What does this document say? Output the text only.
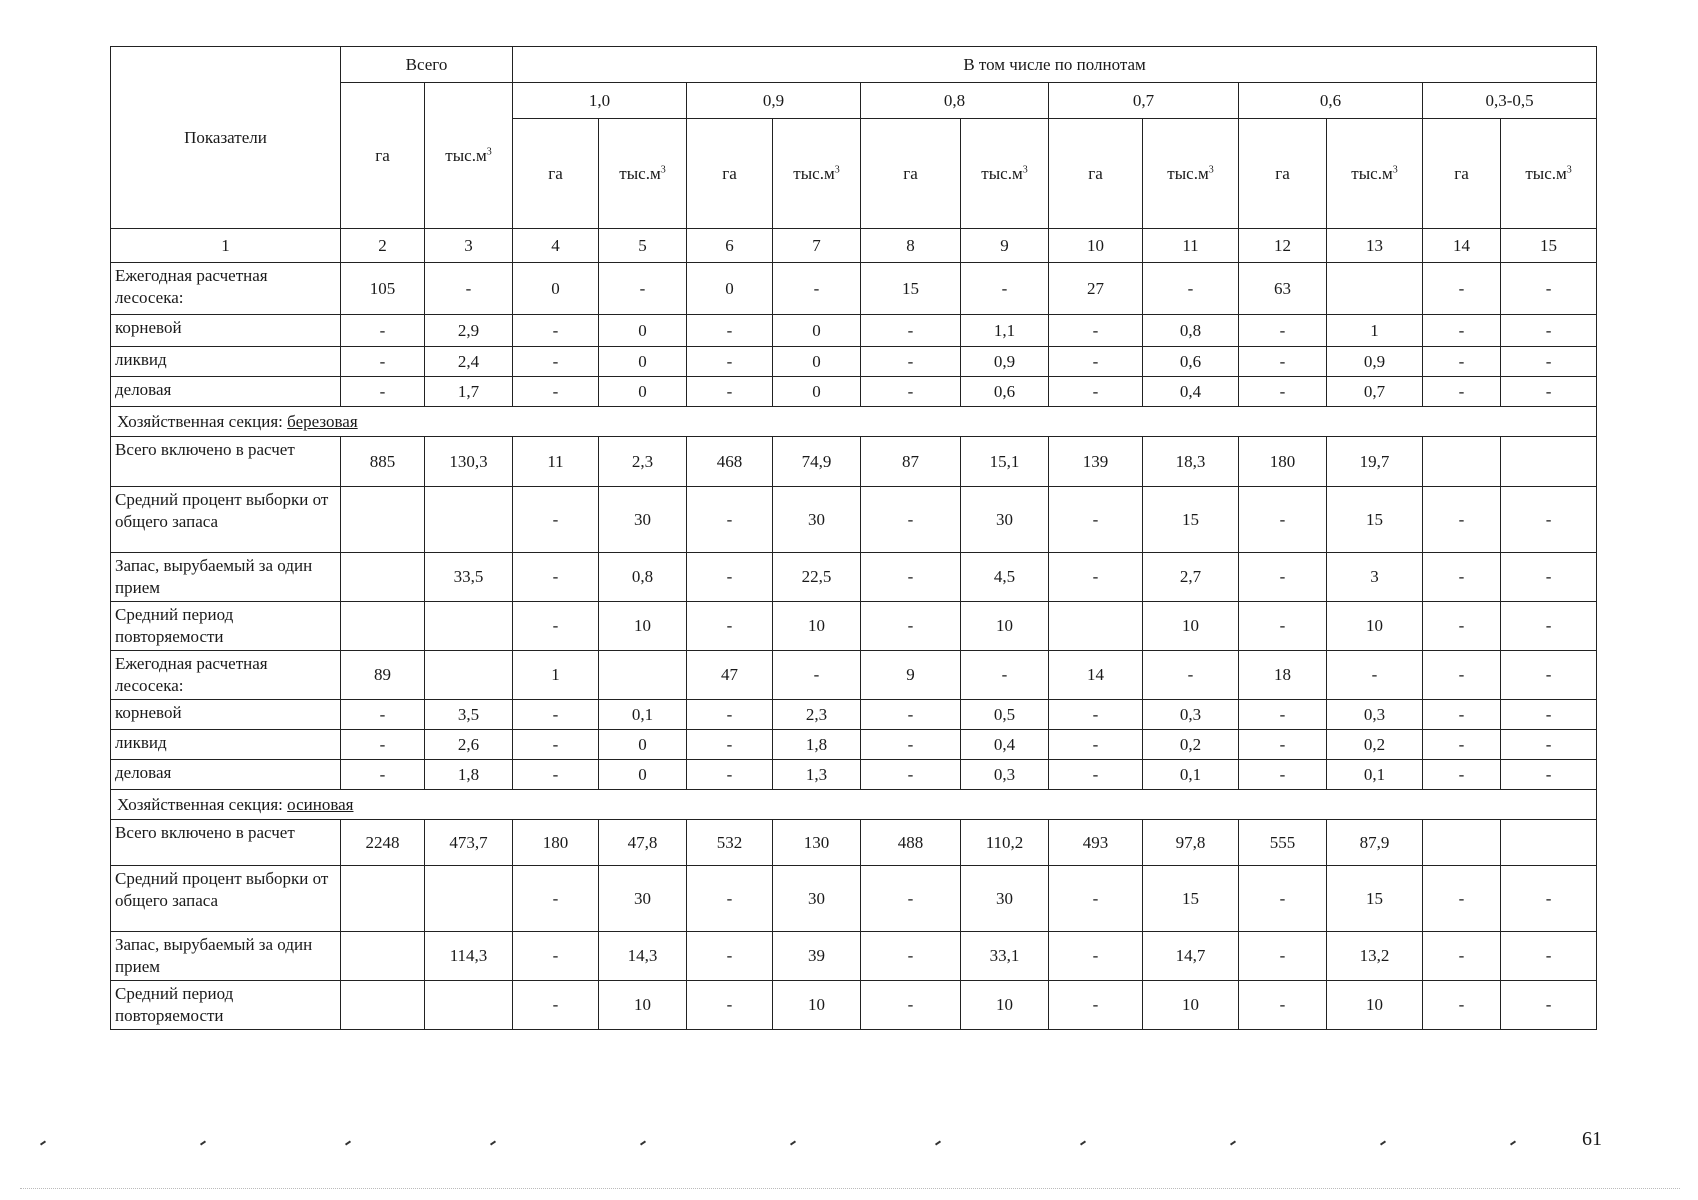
Показатели	Всего		В том числе по полнотам											
	га	$тыс.м^3$	1,0		0,9		0,8		0,7		0,6		0,3-0,5	
			га	$тыс.м^3$	га	$тыс.м^3$	га	$тыс.м^3$	га	$тыс.м^3$	га	$тыс.м^3$	га	$тыс.м^3$
1	2	3	4	5	6	7	8	9	10	11	12	13	14	15
Ежегодная расчетная лесосека:	105	-	0	-	0	-	15	-	27	-	63		-	-
корневой	-	2,9	-	0	-	0	-	1,1	-	0,8	-	1	-	-
ликвид	-	2,4	-	0	-	0	-	0,9	-	0,6	-	0,9	-	-
деловая	-	1,7	-	0	-	0	-	0,6	-	0,4	-	0,7	-	-
Хозяйственная секция: березовая														
Всего включено в расчет	885	130,3	11	2,3	468	74,9	87	15,1	139	18,3	180	19,7		
Средний процент выборки от общего запаса			-	30	-	30	-	30	-	15	-	15	-	-
Запас, вырубаемый за один прием		33,5	-	0,8	-	22,5	-	4,5	-	2,7	-	3	-	-
Средний период повторяемости			-	10	-	10	-	10		10	-	10	-	-
Ежегодная расчетная лесосека:	89		1		47	-	9	-	14	-	18	-	-	-
корневой	-	3,5	-	0,1	-	2,3	-	0,5	-	0,3	-	0,3	-	-
ликвид	-	2,6	-	0	-	1,8	-	0,4	-	0,2	-	0,2	-	-
деловая	-	1,8	-	0	-	1,3	-	0,3	-	0,1	-	0,1	-	-
Хозяйственная секция: осиновая														
Всего включено в расчет	2248	473,7	180	47,8	532	130	488	110,2	493	97,8	555	87,9		
Средний процент выборки от общего запаса			-	30	-	30	-	30	-	15	-	15	-	-
Запас, вырубаемый за один прием		114,3	-	14,3	-	39	-	33,1	-	14,7	-	13,2	-	-
Средний период повторяемости			-	10	-	10	-	10	-	10	-	10	-	-
61
